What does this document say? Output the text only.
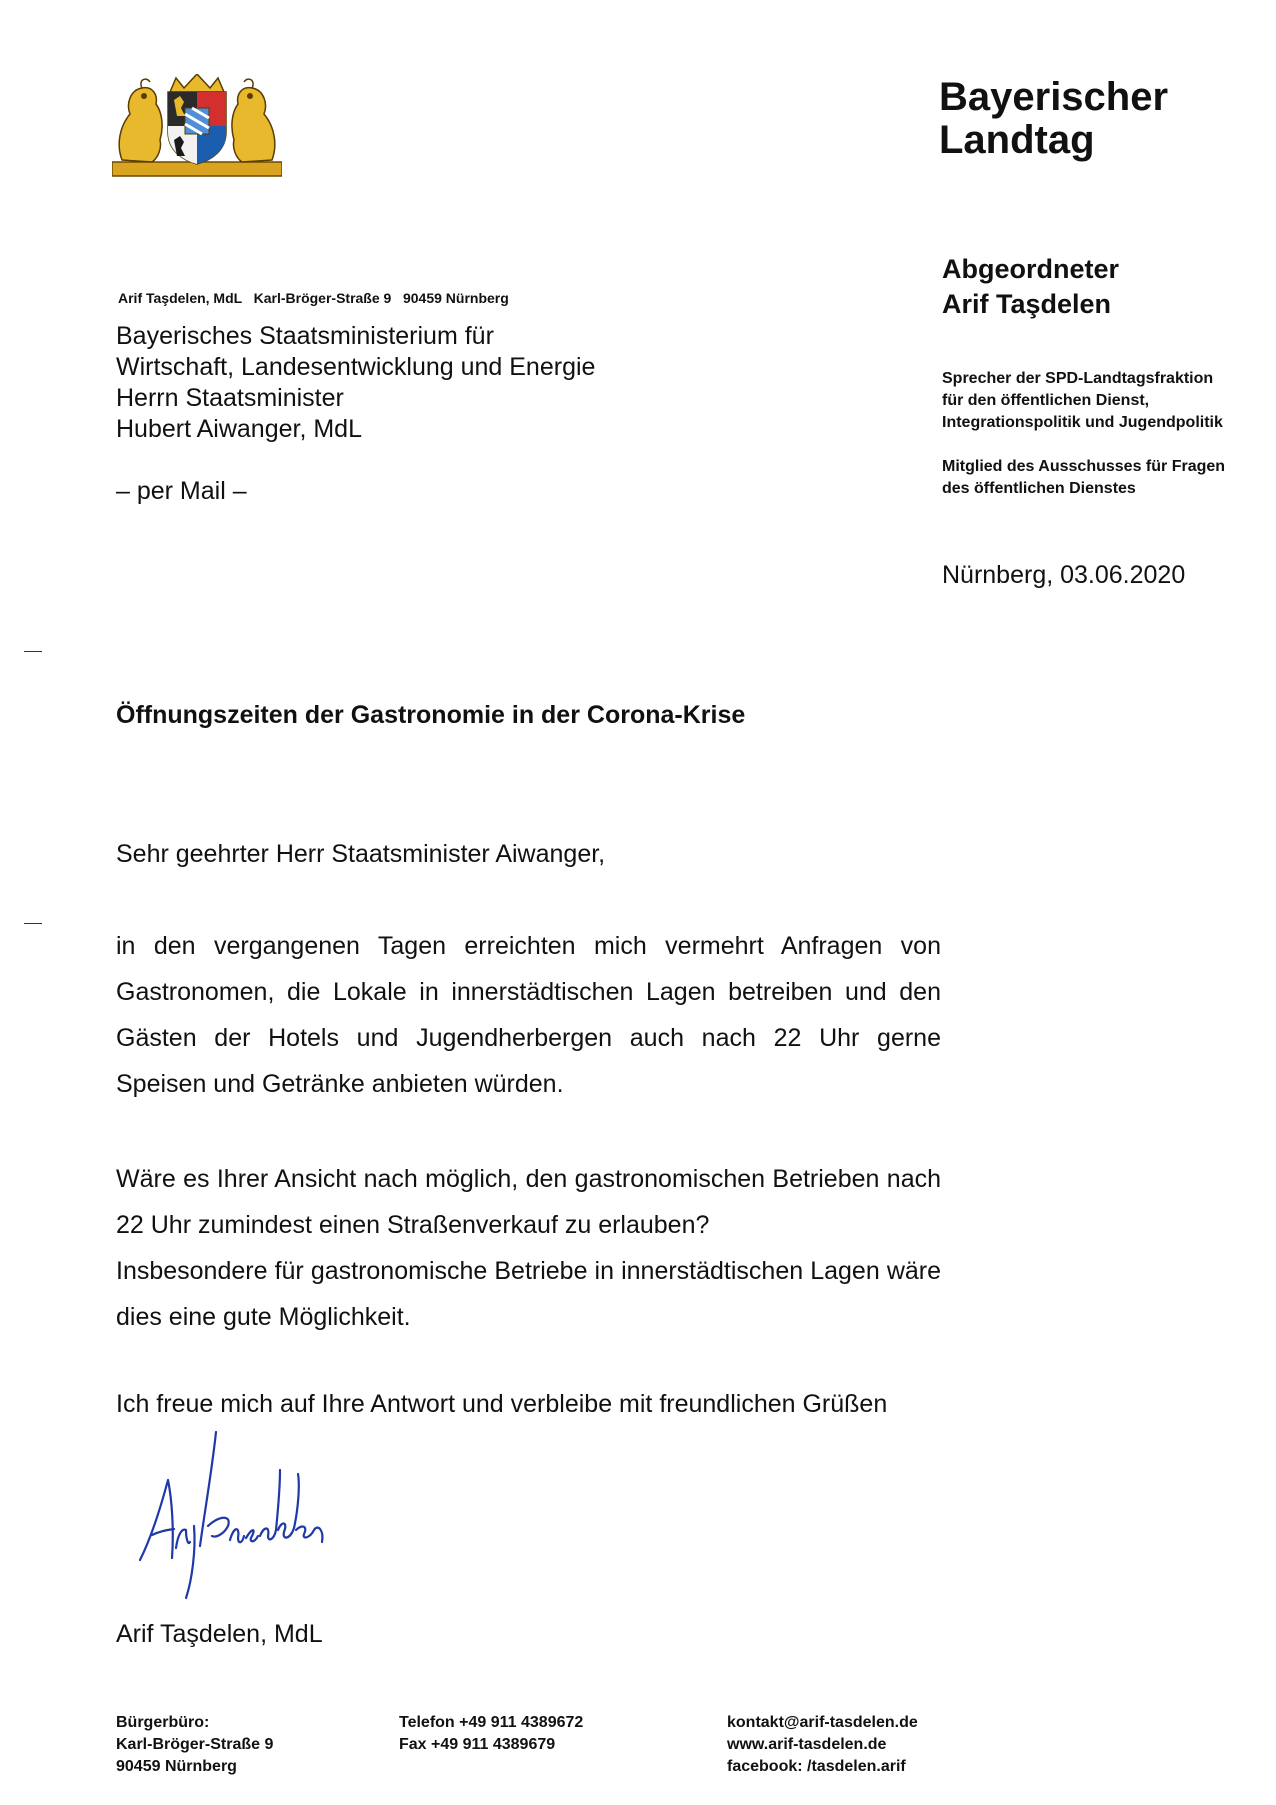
Bayerischer
Landtag
Arif Taşdelen, MdL   Karl-Bröger-Straße 9   90459 Nürnberg
Bayerisches Staatsministerium für
Wirtschaft, Landesentwicklung und Energie
Herrn Staatsminister
Hubert Aiwanger, MdL
– per Mail –
Abgeordneter
Arif Taşdelen
Sprecher der SPD-Landtagsfraktion
für den öffentlichen Dienst,
Integrationspolitik und Jugendpolitik
Mitglied des Ausschusses für Fragen
des öffentlichen Dienstes
Nürnberg, 03.06.2020
Öffnungszeiten der Gastronomie in der Corona-Krise
Sehr geehrter Herr Staatsminister Aiwanger,
in den vergangenen Tagen erreichten mich vermehrt Anfragen von Gastronomen, die Lokale in innerstädtischen Lagen betreiben und den Gästen der Hotels und Jugendherbergen auch nach 22 Uhr gerne Speisen und Getränke anbieten würden.
Wäre es Ihrer Ansicht nach möglich, den gastronomischen Betrieben nach 22 Uhr zumindest einen Straßenverkauf zu erlauben?
Insbesondere für gastronomische Betriebe in innerstädtischen Lagen wäre dies eine gute Möglichkeit.
Ich freue mich auf Ihre Antwort und verbleibe mit freundlichen Grüßen
Arif Taşdelen, MdL
Bürgerbüro:
Karl-Bröger-Straße 9
90459 Nürnberg
Telefon +49 911 4389672
Fax +49 911 4389679
kontakt@arif-tasdelen.de
www.arif-tasdelen.de
facebook: /tasdelen.arif
